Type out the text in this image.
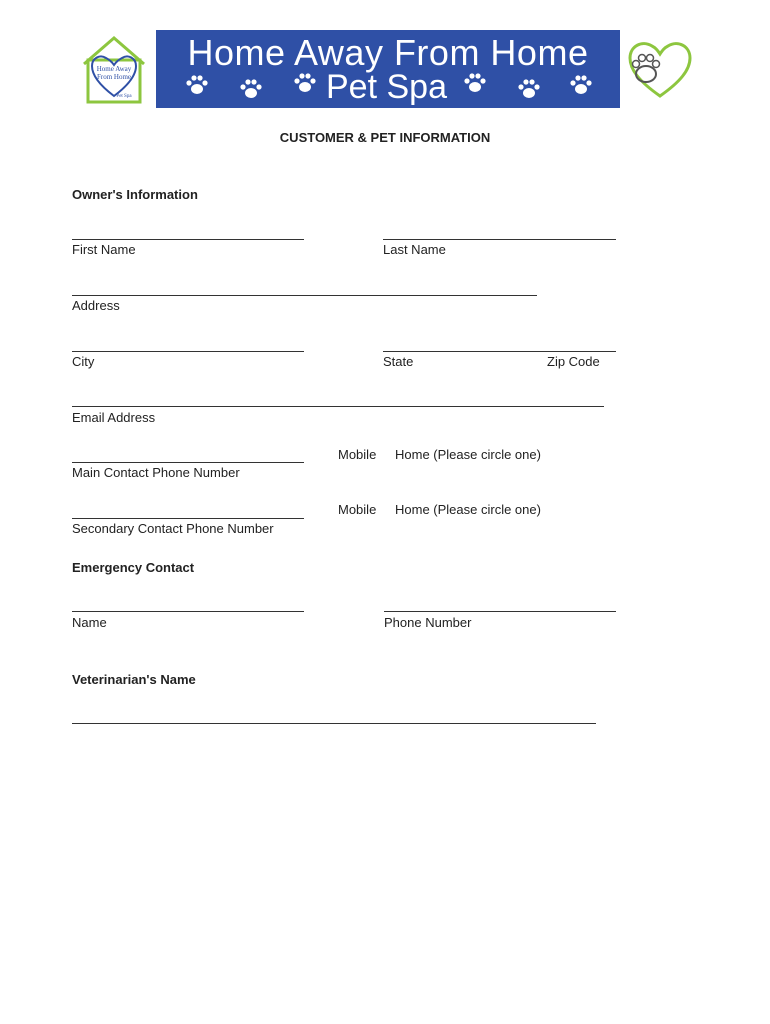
Home Away
From Home
Pet Spa
Home Away From Home
Pet Spa
CUSTOMER & PET INFORMATION
Owner's Information
First Name	Last Name
Address
City	State	Zip Code
Email Address
Main Contact Phone Number
Mobile Home (Please circle one)
Secondary Contact Phone Number
Mobile Home (Please circle one)
Emergency Contact
Name	Phone Number
Veterinarian's Name
